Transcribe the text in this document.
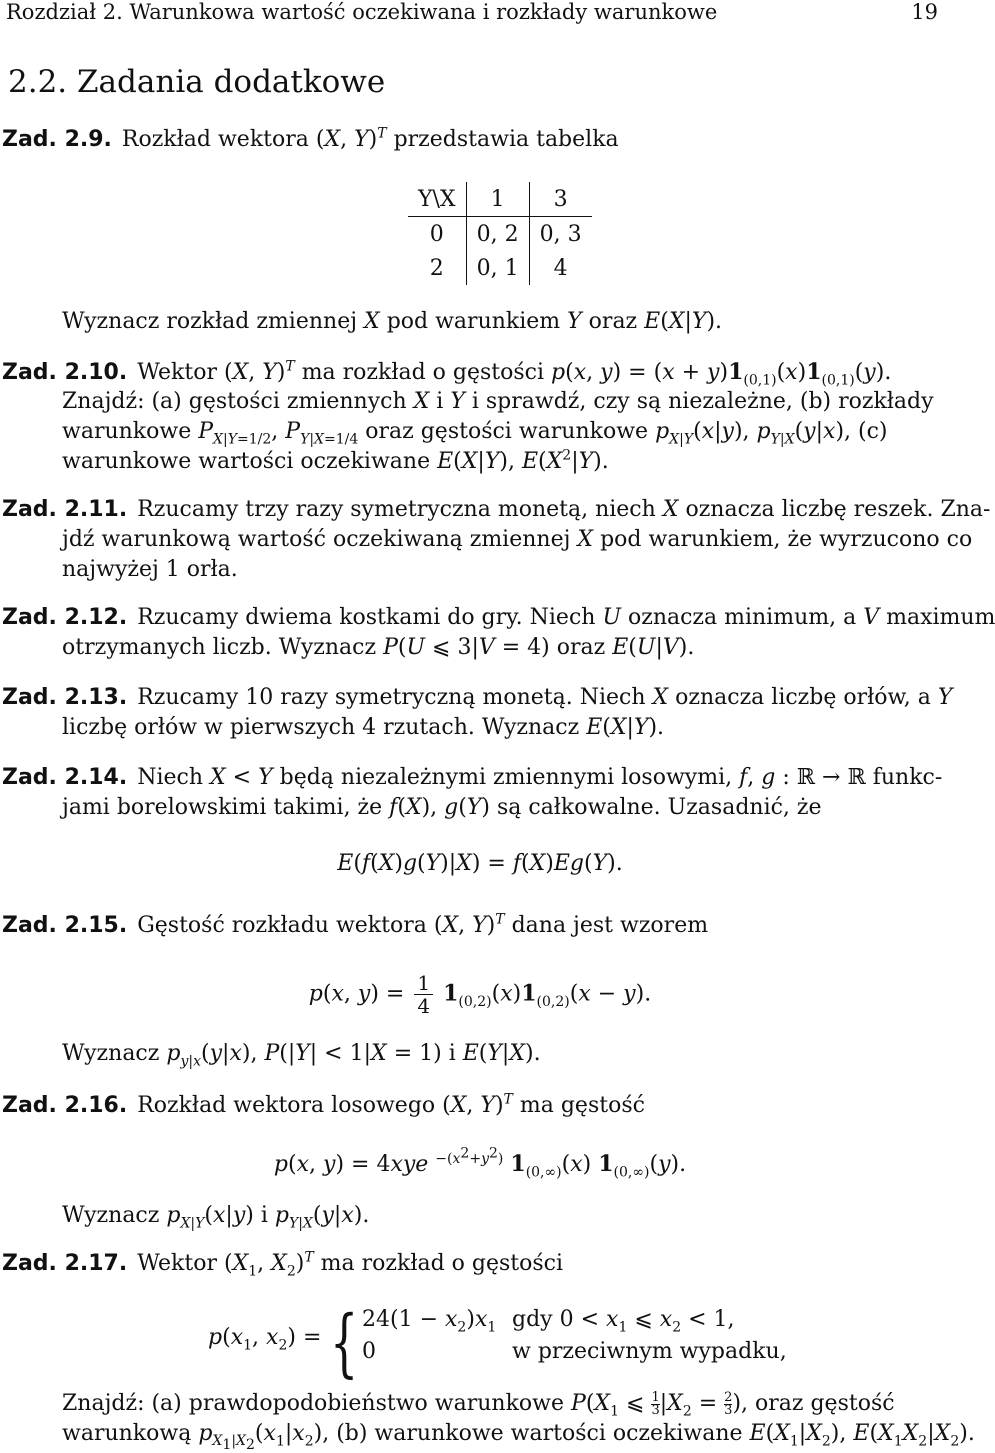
Rozdział 2. Warunkowa wartość oczekiwana i rozkłady warunkowe	19
2.2. Zadania dodatkowe
Zad. 2.9. Rozkład wektora (X, Y)$^T$ przedstawia tabelka
Y\X	1	3
0	0, 2	0, 3
2	0, 1	4
Wyznacz rozkład zmiennej X pod warunkiem Y oraz E(X|Y).
Zad. 2.10. Wektor (X, Y)$^T$ ma rozkład o gęstości p(x, $y) = (x + y)1_{(0,1)}(x)1_{(0,1)}(y)$.
Znajdź: (a) gęstości zmiennych X i Y i sprawdź, czy są niezależne, (b) rozkłady
warunkowe $P_{X|Y=1/2}$, $P_{Y|X=1/4}$ oraz gęstości warunkowe $p_{X|Y}(x|y)$, $p_{Y|X}(y|x)$, (c)
warunkowe wartości oczekiwane E(X|Y), $E(X^2|Y)$.
Zad. 2.11. Rzucamy trzy razy symetryczna monetą, niech X oznacza liczbę reszek. Zna-
jdź warunkową wartość oczekiwaną zmiennej X pod warunkiem, że wyrzucono co
najwyżej 1 orła.
Zad. 2.12. Rzucamy dwiema kostkami do gry. Niech U oznacza minimum, a V maximum
otrzymanych liczb. Wyznacz P(U ⩽ 3|V = 4) oraz E(U|V).
Zad. 2.13. Rzucamy 10 razy symetryczną monetą. Niech X oznacza liczbę orłów, a Y
liczbę orłów w pierwszych 4 rzutach. Wyznacz E(X|Y).
Zad. 2.14. Niech X < Y będą niezależnymi zmiennymi losowymi, f, g : ℝ → ℝ funkc-
jami borelowskimi takimi, że f(X), g(Y) są całkowalne. Uzasadnić, że
E(f(X)g(Y)|X) = f(X)Eg(Y).
Zad. 2.15. Gęstość rozkładu wektora (X, Y)$^T$ dana jest wzorem
p(x, $y) = \frac{1}{4} 1_{(0,2)}(x)1_{(0,2)}(x - y)$.
Wyznacz $p_{y|x}(y|x)$, P(|Y| < 1|X = 1) i E(Y|X).
Zad. 2.16. Rozkład wektora losowego (X, Y)$^T$ ma gęstość
p(x, y) = 4xye $^{-(x^2+y^2)}$ $1_{(0,\infty)}(x)$ $1_{(0,\infty)}(y)$.
Wyznacz $p_{X|Y}(x|y)$ i $p_{Y|X}(y|x)$.
Zad. 2.17. Wektor ($X_1$, $X_2)^T$ ma rozkład o gęstości
$p(x_1$, $x_2$) = { $24(1 - x_2)x_1$ gdy $0 < x_1$ ⩽ $x_2 < 1$,
0	w przeciwnym wypadku,
Znajdź: (a) prawdopodobieństwo warunkowe $P(X_1$ ⩽ $\frac{1}{3} |X_2 = \frac{2}{3}$ ), oraz gęstość
warunkową $p_{X_1|X_2}(x_1|x_2)$, (b) warunkowe wartości oczekiwane $E(X_1|X_2)$, $E(X_1X_2|X_2)$.
